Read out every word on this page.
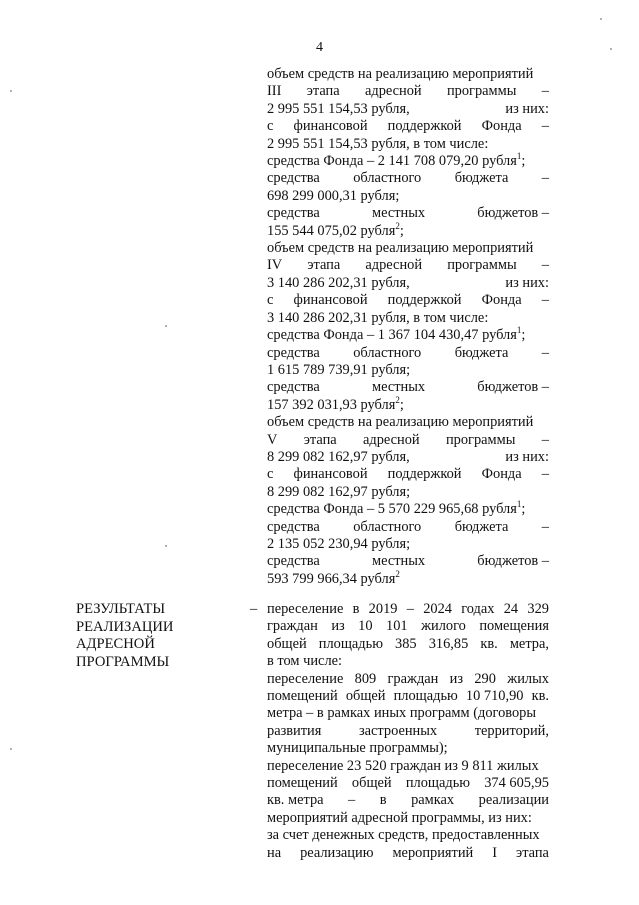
4
объем средств на реализацию мероприятий
III этапа адресной программы –
2 995 551 154,53 рубля,	из них:
с финансовой поддержкой Фонда –
2 995 551 154,53 рубля, в том числе:
средства Фонда – 2 141 708 079,20 рубля$^1$;
средства областного бюджета –
698 299 000,31 рубля;
средства	местных	бюджетов –
155 544 075,02 рубля$^2$;
объем средств на реализацию мероприятий
IV этапа адресной программы –
3 140 286 202,31 рубля,	из них:
с финансовой поддержкой Фонда –
3 140 286 202,31 рубля, в том числе:
средства Фонда – 1 367 104 430,47 рубля$^1$;
средства областного бюджета –
1 615 789 739,91 рубля;
средства	местных	бюджетов –
157 392 031,93 рубля$^2$;
объем средств на реализацию мероприятий
V этапа адресной программы –
8 299 082 162,97 рубля,	из них:
с финансовой поддержкой Фонда –
8 299 082 162,97 рубля;
средства Фонда – 5 570 229 965,68 рубля$^1$;
средства областного бюджета –
2 135 052 230,94 рубля;
средства	местных	бюджетов –
593 799 966,34 рубля$^2$
РЕЗУЛЬТАТЫ
РЕАЛИЗАЦИИ
АДРЕСНОЙ
ПРОГРАММЫ
– переселение в 2019 – 2024 годах 24 329
граждан из 10 101 жилого помещения
общей площадью 385 316,85 кв. метра,
в том числе:
переселение 809 граждан из 290 жилых
помещений общей площадью 10 710,90 кв.
метра – в рамках иных программ (договоры
развития	застроенных	территорий,
муниципальные программы);
переселение 23 520 граждан из 9 811 жилых
помещений общей площадью 374 605,95
кв. метра – в рамках реализации
мероприятий адресной программы, из них:
за счет денежных средств, предоставленных
на реализацию мероприятий I этапа
